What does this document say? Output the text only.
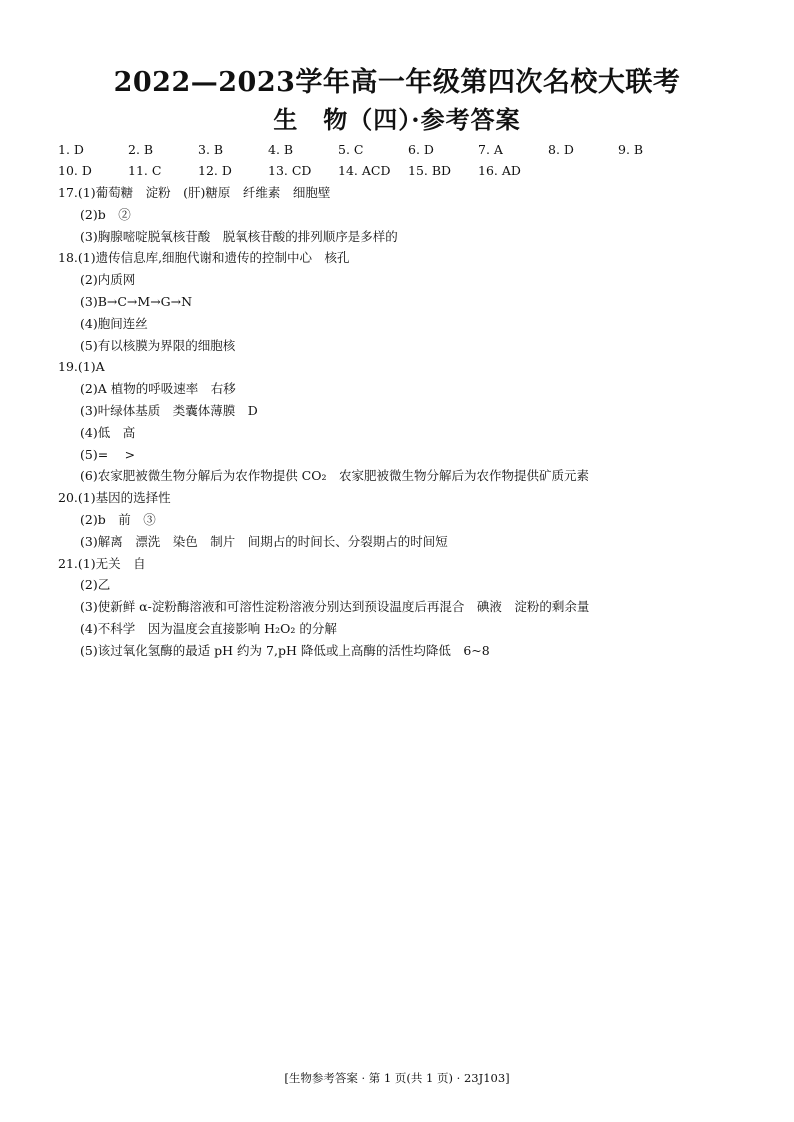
2022—2023学年高一年级第四次名校大联考
生　物（四）·参考答案
1. D	2. B	3. B	4. B	5. C	6. D	7. A	8. D	9. B
10. D	11. C	12. D	13. CD 14. ACD 15. BD 16. AD
17.(1)葡萄糖　淀粉　(肝)糖原　纤维素　细胞壁
(2)b　②
(3)胸腺嘧啶脱氧核苷酸　脱氧核苷酸的排列顺序是多样的
18.(1)遗传信息库,细胞代谢和遗传的控制中心　核孔
(2)内质网
(3)B→C→M→G→N
(4)胞间连丝
(5)有以核膜为界限的细胞核
19.(1)A
(2)A 植物的呼吸速率　右移
(3)叶绿体基质　类囊体薄膜　D
(4)低　高
(5)=　 >
(6)农家肥被微生物分解后为农作物提供 CO₂　农家肥被微生物分解后为农作物提供矿质元素
20.(1)基因的选择性
(2)b　前　③
(3)解离　漂洗　染色　制片　间期占的时间长、分裂期占的时间短
21.(1)无关　自
(2)乙
(3)使新鲜 α-淀粉酶溶液和可溶性淀粉溶液分别达到预设温度后再混合　碘液　淀粉的剩余量
(4)不科学　因为温度会直接影响 H₂O₂ 的分解
(5)该过氧化氢酶的最适 pH 约为 7,pH 降低或上高酶的活性均降低　6~8
[生物参考答案 · 第 1 页(共 1 页) · 23J103]
